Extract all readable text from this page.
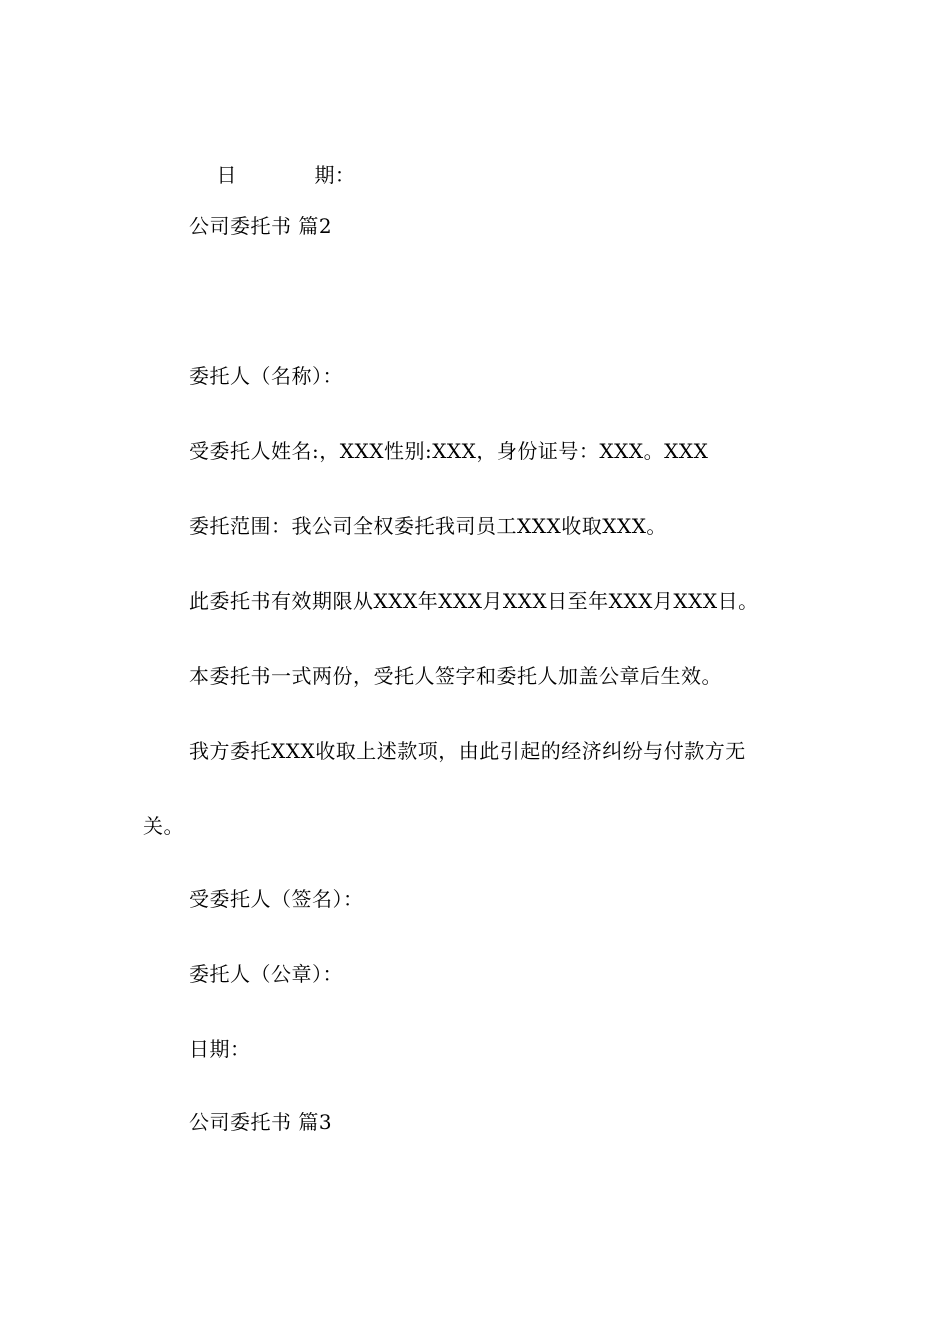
日	期：

公司委托书 篇2
委托人（名称）：
受委托人姓名:，XXX性别:XXX，身份证号：XXX。XXX
委托范围：我公司全权委托我司员工XXX收取XXX。
此委托书有效期限从XXX年XXX月XXX日至年XXX月XXX日。
本委托书一式两份，受托人签字和委托人加盖公章后生效。
我方委托XXX收取上述款项，由此引起的经济纠纷与付款方无
关。
受委托人（签名）：
委托人（公章）：
日期：
公司委托书 篇3
